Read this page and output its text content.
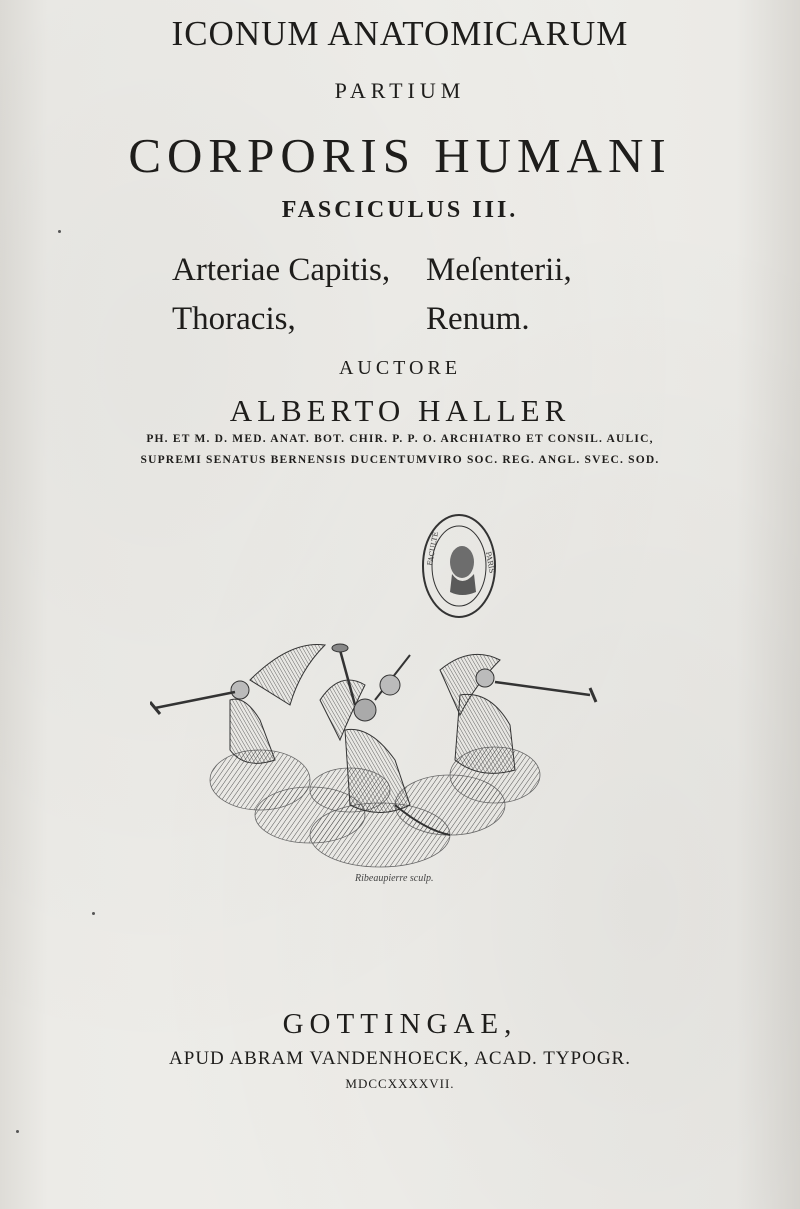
ICONUM ANATOMICARUM
PARTIUM
CORPORIS HUMANI
FASCICULUS III.
Arteriae Capitis, Meſenterii,
Thoracis,	Renum.
AUCTORE
ALBERTO HALLER
PH. ET M. D. MED. ANAT. BOT. CHIR. P. P. O. ARCHIATRO ET CONSIL. AULIC,
SUPREMI SENATUS BERNENSIS DUCENTUMVIRO SOC. REG. ANGL. SVEC. SOD.
FACULTE	PARIS
Ribeaupierre sculp.
GOTTINGAE,
APUD ABRAM VANDENHOECK, ACAD. TYPOGR.
MDCCXXXXVII.
